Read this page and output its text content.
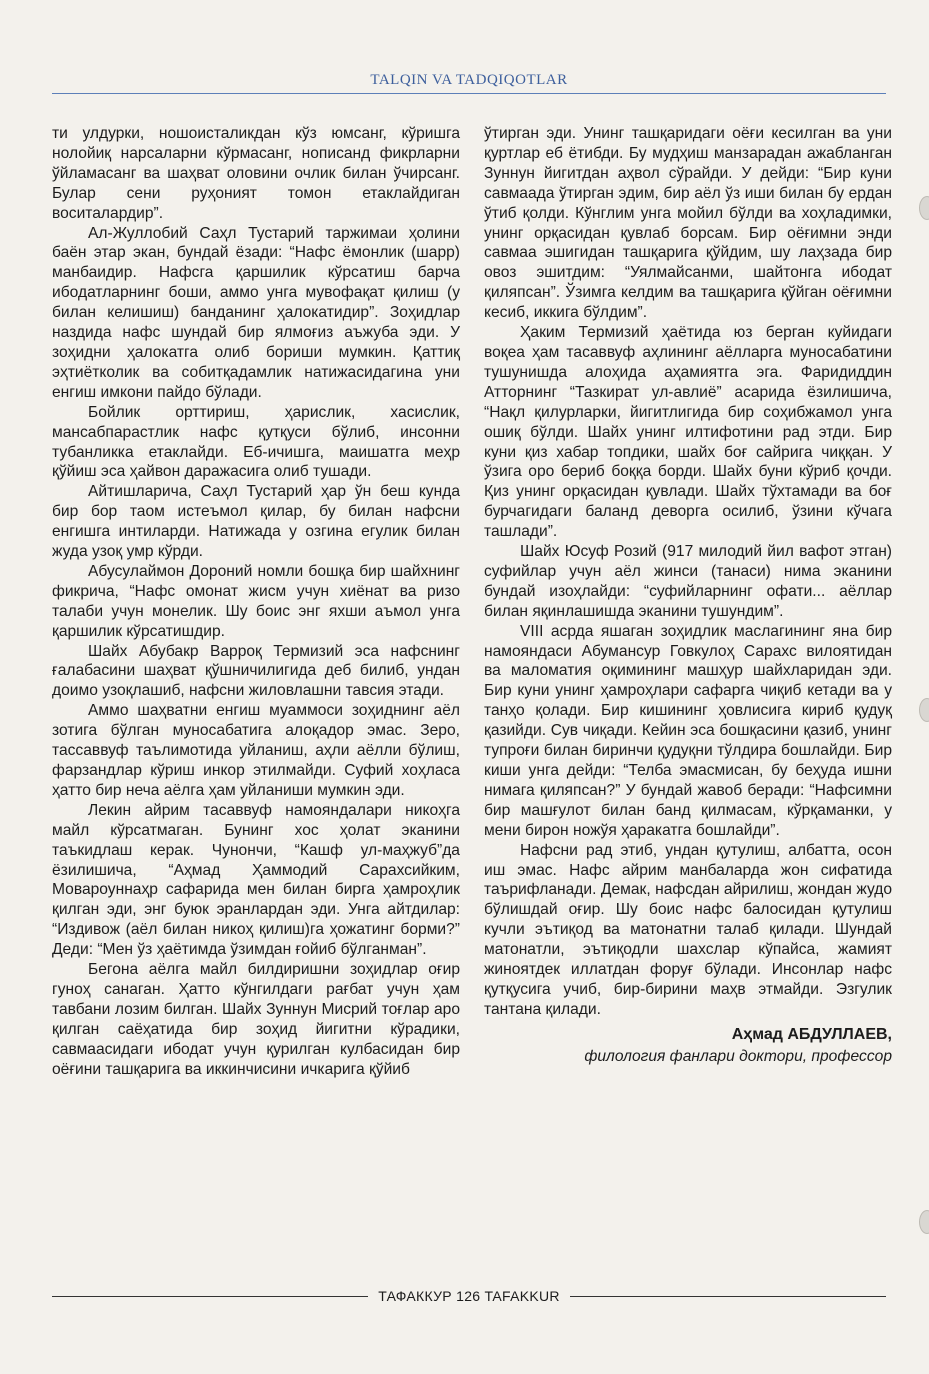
TALQIN VA TADQIQOTLAR

ти улдурки, ношоисталикдан кўз юмсанг, кўришга нолойиқ нарсаларни кўрмасанг, нописанд фикрларни ўйламасанг ва шаҳват оловини очлик билан ўчирсанг. Булар сени руҳоният томон етаклайдиган воситалардир”.

Ал-Жуллобий Саҳл Тустарий таржимаи ҳолини баён этар экан, бундай ёзади: “Нафс ёмонлик (шарр) манбаидир. Нафсга қаршилик кўрсатиш барча ибодатларнинг боши, аммо унга мувофақат қилиш (у билан келишиш) банданинг ҳалокатидир”. Зоҳидлар наздида нафс шундай бир ялмоғиз аъжуба эди. У зоҳидни ҳалокатга олиб бориши мумкин. Қаттиқ эҳтиётколик ва собитқадамлик натижасидагина уни енгиш имкони пайдо бўлади.

Бойлик орттириш, ҳарислик, хасислик, мансабпарастлик нафс қутқуси бўлиб, инсонни тубанликка етаклайди. Еб-ичишга, маишатга меҳр қўйиш эса ҳайвон даражасига олиб тушади.

Айтишларича, Саҳл Тустарий ҳар ўн беш кунда бир бор таом истеъмол қилар, бу билан нафсни енгишга интиларди. Натижада у озгина егулик билан жуда узоқ умр кўрди.

Абусулаймон Дороний номли бошқа бир шайхнинг фикрича, “Нафс омонат жисм учун хиёнат ва ризо талаби учун монелик. Шу боис энг яхши аъмол унга қаршилик кўрсатишдир.

Шайх Абубакр Варроқ Термизий эса нафснинг ғалабасини шаҳват қўшничилигида деб билиб, ундан доимо узоқлашиб, нафсни жиловлашни тавсия этади.

Аммо шаҳватни енгиш муаммоси зоҳиднинг аёл зотига бўлган муносабатига алоқадор эмас. Зеро, тассаввуф таълимотида уйланиш, аҳли аёлли бўлиш, фарзандлар кўриш инкор этилмайди. Суфий хоҳласа ҳатто бир неча аёлга ҳам уйланиши мумкин эди.

Лекин айрим тасаввуф намояндалари никоҳга майл кўрсатмаган. Бунинг хос ҳолат эканини таъкидлаш керак. Чунончи, “Кашф ул-маҳжуб”да ёзилишича, “Аҳмад Ҳаммодий Сарахсийким, Мовароуннаҳр сафарида мен билан бирга ҳамроҳлик қилган эди, энг буюк эранлардан эди. Унга айтдилар: “Издивож (аёл билан никоҳ қилиш)га ҳожатинг борми?” Деди: “Мен ўз ҳаётимда ўзимдан ғойиб бўлганман”.

Бегона аёлга майл билдиришни зоҳидлар оғир гуноҳ санаган. Ҳатто кўнгилдаги рағбат учун ҳам тавбани лозим билган. Шайх Зуннун Мисрий тоғлар аро қилган саёҳатида бир зоҳид йигитни кўрадики, савмаасидаги ибодат учун қурилган кулбасидан бир оёғини ташқарига ва иккинчисини ичкарига қўйиб

ўтирган эди. Унинг ташқаридаги оёғи кесилган ва уни қуртлар еб ётибди. Бу мудҳиш манзарадан ажабланган Зуннун йигитдан аҳвол сўрайди. У дейди: “Бир куни савмаада ўтирган эдим, бир аёл ўз иши билан бу ердан ўтиб қолди. Кўнглим унга мойил бўлди ва хоҳладимки, унинг орқасидан қувлаб борсам. Бир оёғимни энди савмаа эшигидан ташқарига қўйдим, шу лаҳзада бир овоз эшитдим: “Уялмайсанми, шайтонга ибодат қиляпсан”. Ўзимга келдим ва ташқарига қўйган оёғимни кесиб, иккига бўлдим”.

Ҳаким Термизий ҳаётида юз берган куйидаги воқеа ҳам тасаввуф аҳлининг аёлларга муносабатини тушунишда алоҳида аҳамиятга эга. Фаридиддин Атторнинг “Тазкират ул-авлиё” асарида ёзилишича, “Нақл қилурларки, йигитлигида бир соҳибжамол унга ошиқ бўлди. Шайх унинг илтифотини рад этди. Бир куни қиз хабар топдики, шайх боғ сайрига чиққан. У ўзига оро бериб боққа борди. Шайх буни кўриб қочди. Қиз унинг орқасидан қувлади. Шайх тўхтамади ва боғ бурчагидаги баланд деворга осилиб, ўзини кўчага ташлади”.

Шайх Юсуф Розий (917 милодий йил вафот этган) суфийлар учун аёл жинси (танаси) нима эканини бундай изоҳлайди: “суфийларнинг офати... аёллар билан яқинлашишда эканини тушундим”.

VIII асрда яшаган зоҳидлик маслагининг яна бир намояндаси Абумансур Говкулоҳ Сарахс вилоятидан ва маломатия оқимининг машҳур шайхларидан эди. Бир куни унинг ҳамроҳлари сафарга чиқиб кетади ва у танҳо қолади. Бир кишининг ҳовлисига кириб қудуқ қазийди. Сув чиқади. Кейин эса бошқасини қазиб, унинг тупроғи билан биринчи қудуқни тўлдира бошлайди. Бир киши унга дейди: “Телба эмасмисан, бу беҳуда ишни нимага қиляпсан?” У бундай жавоб беради: “Нафсимни бир машғулот билан банд қилмасам, кўрқаманки, у мени бирон ножўя ҳаракатга бошлайди”.

Нафсни рад этиб, ундан қутулиш, албатта, осон иш эмас. Нафс айрим манбаларда жон сифатида таърифланади. Демак, нафсдан айрилиш, жондан жудо бўлишдай оғир. Шу боис нафс балосидан қутулиш кучли эътиқод ва матонатни талаб қилади. Шундай матонатли, эътиқодли шахслар кўпайса, жамият жиноятдек иллатдан форуғ бўлади. Инсонлар нафс қутқусига учиб, бир-бирини маҳв этмайди. Эзгулик тантана қилади.

Аҳмад АБДУЛЛАЕВ,
филология фанлари доктори, профессор
ТАФАККУР 126 TAFAKKUR
